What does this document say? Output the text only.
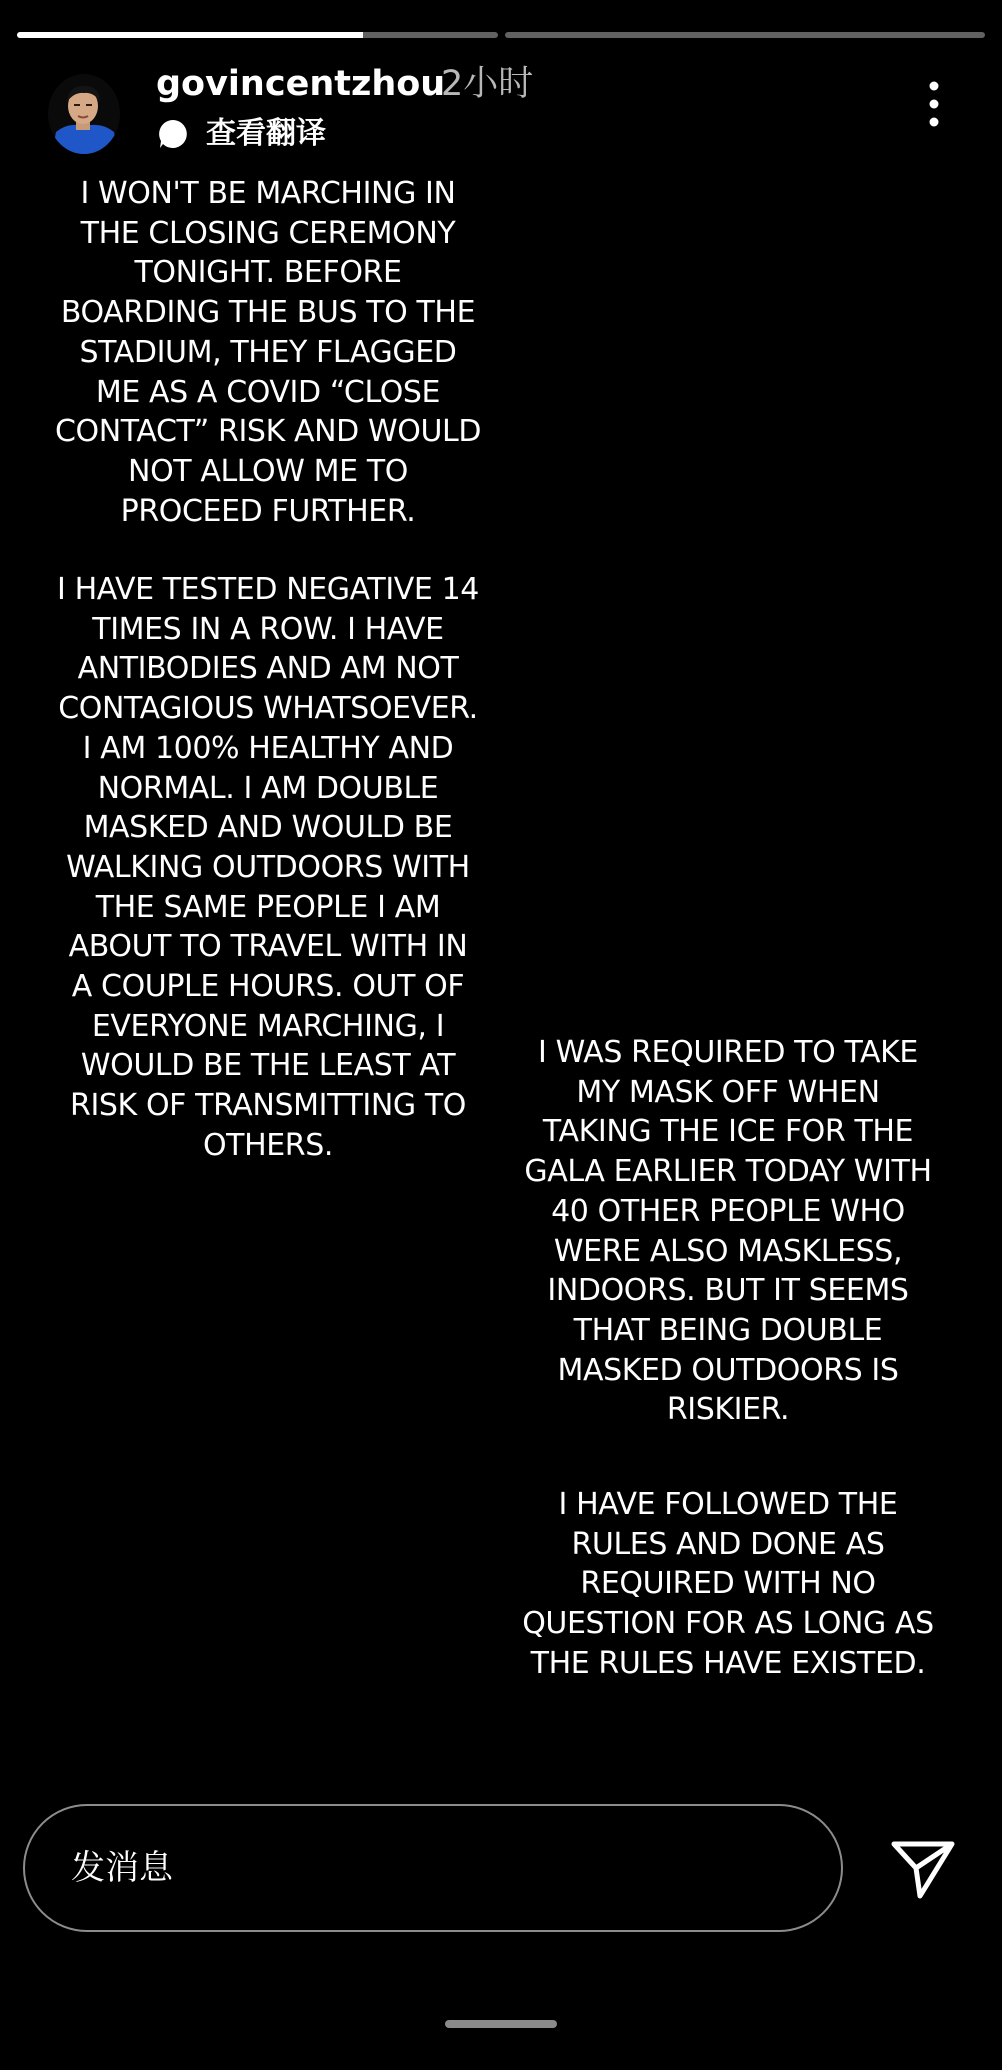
govincentzhou
2小时
查看翻译

I WON'T BE MARCHING IN
THE CLOSING CEREMONY
TONIGHT. BEFORE
BOARDING THE BUS TO THE
STADIUM, THEY FLAGGED
ME AS A COVID “CLOSE
CONTACT” RISK AND WOULD
NOT ALLOW ME TO
PROCEED FURTHER.

I HAVE TESTED NEGATIVE 14
TIMES IN A ROW. I HAVE
ANTIBODIES AND AM NOT
CONTAGIOUS WHATSOEVER.
I AM 100% HEALTHY AND
NORMAL. I AM DOUBLE
MASKED AND WOULD BE
WALKING OUTDOORS WITH
THE SAME PEOPLE I AM
ABOUT TO TRAVEL WITH IN
A COUPLE HOURS. OUT OF
EVERYONE MARCHING, I
WOULD BE THE LEAST AT
RISK OF TRANSMITTING TO
OTHERS.

I WAS REQUIRED TO TAKE
MY MASK OFF WHEN
TAKING THE ICE FOR THE
GALA EARLIER TODAY WITH
40 OTHER PEOPLE WHO
WERE ALSO MASKLESS,
INDOORS. BUT IT SEEMS
THAT BEING DOUBLE
MASKED OUTDOORS IS
RISKIER.

I HAVE FOLLOWED THE
RULES AND DONE AS
REQUIRED WITH NO
QUESTION FOR AS LONG AS
THE RULES HAVE EXISTED.

发消息
